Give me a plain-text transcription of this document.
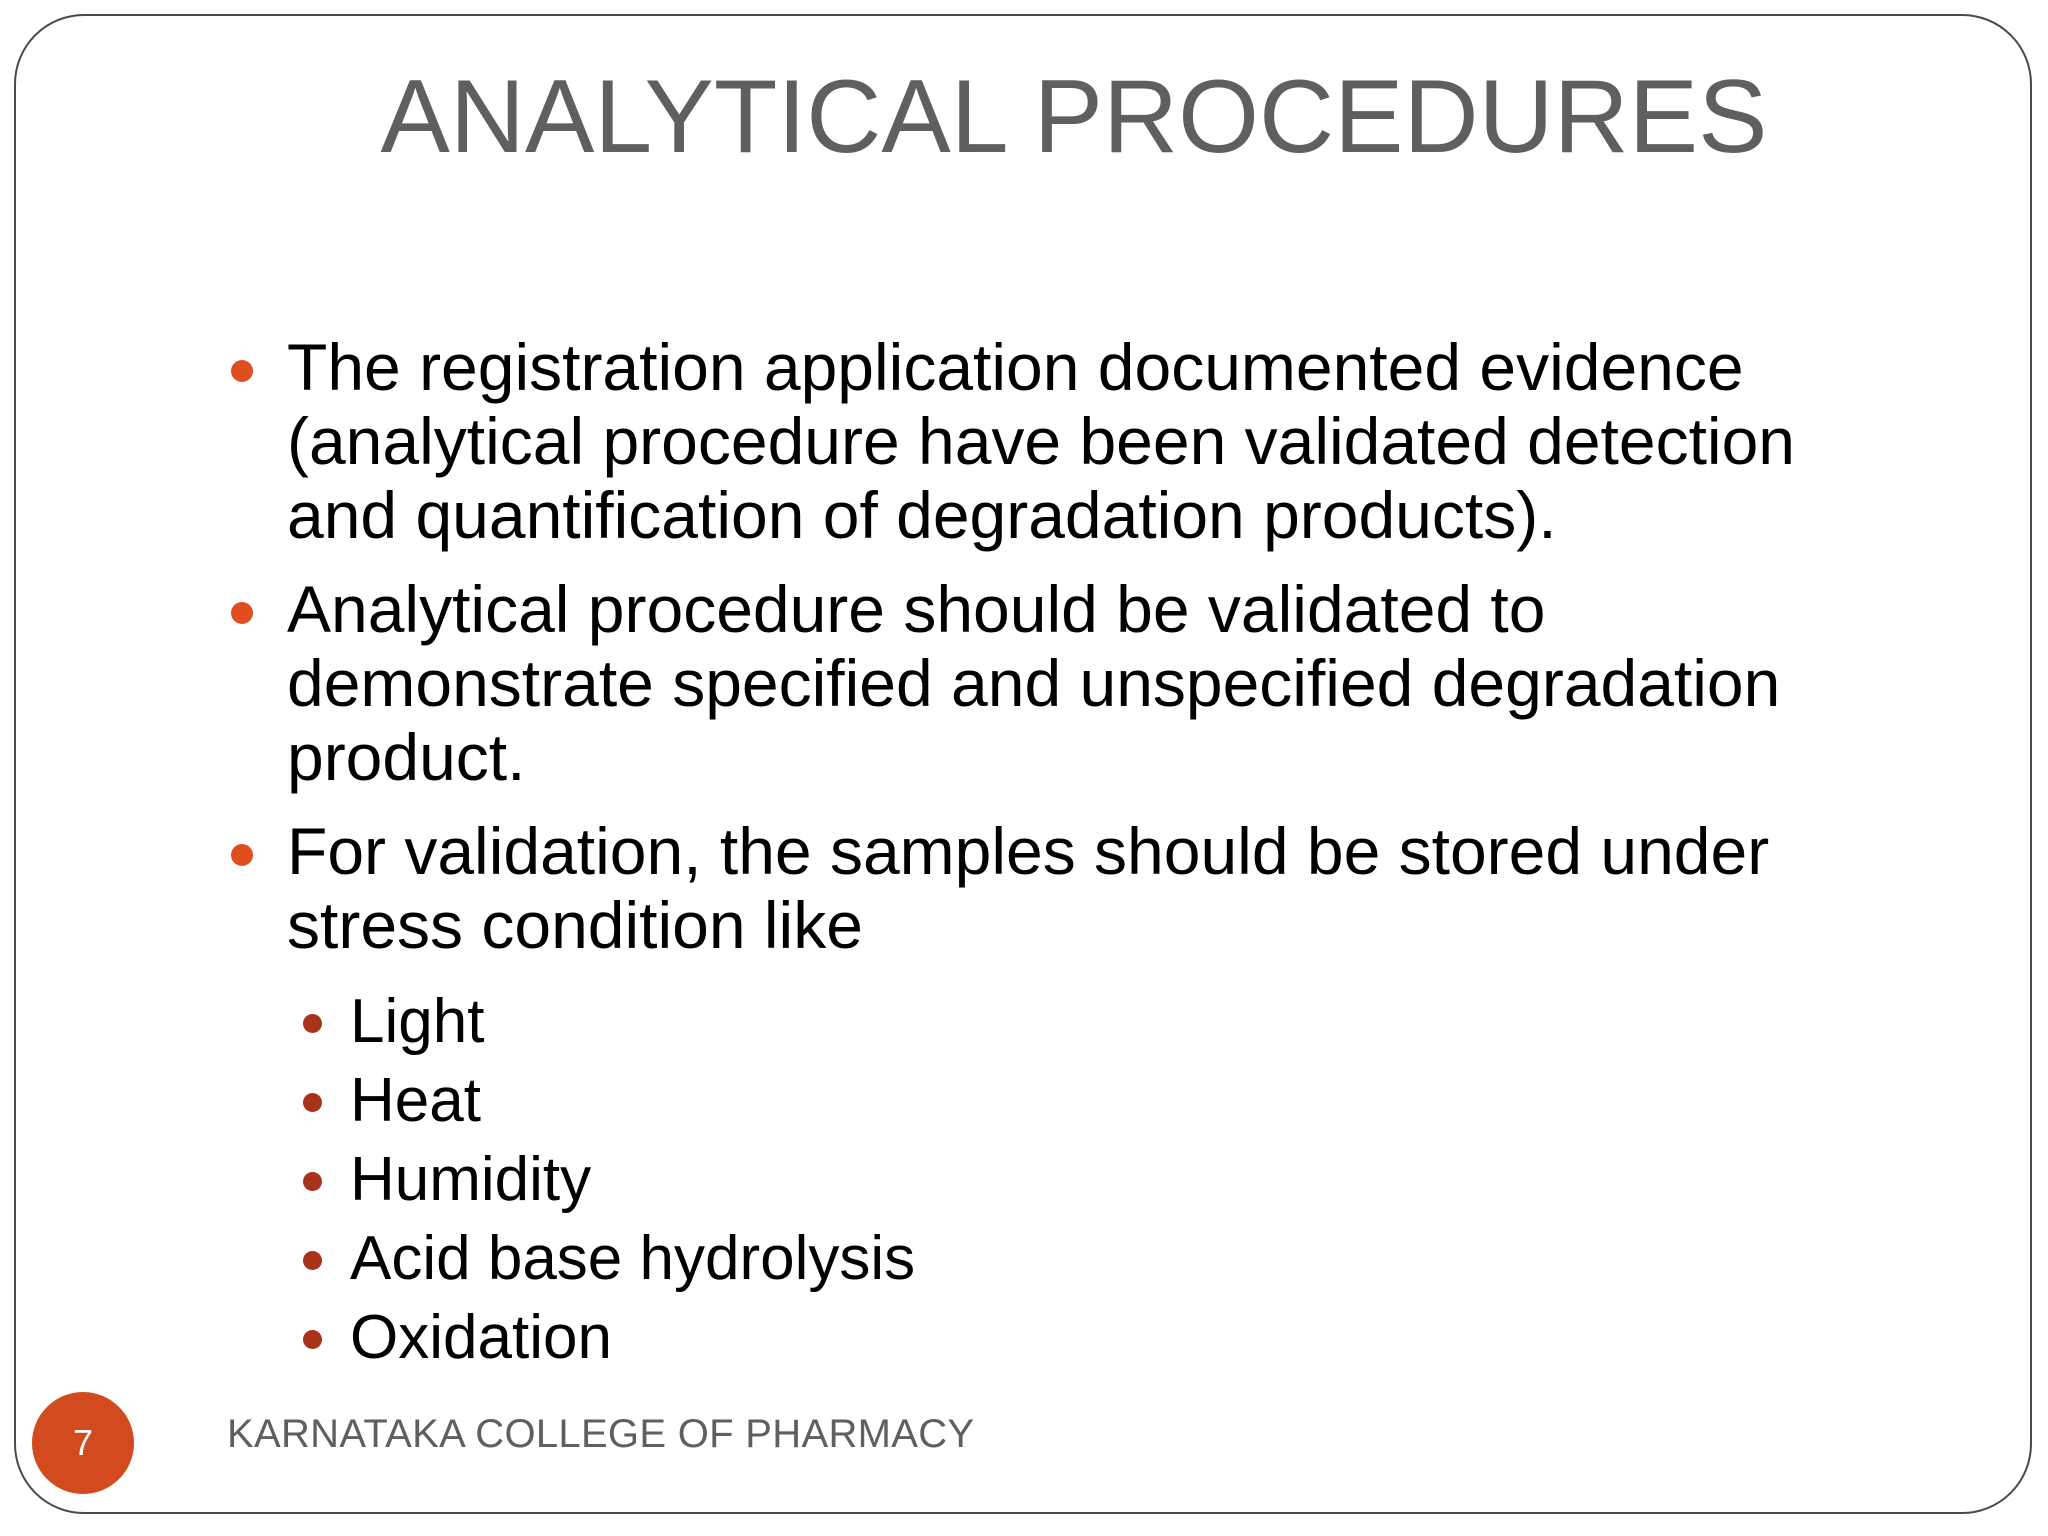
ANALYTICAL PROCEDURES
The registration application documented evidence (analytical procedure have been validated detection and quantification of degradation products).
Analytical procedure should be validated to demonstrate specified and unspecified degradation product.
For validation, the samples should be stored under stress condition like
Light
Heat
Humidity
Acid base hydrolysis
Oxidation
7	KARNATAKA COLLEGE OF PHARMACY
